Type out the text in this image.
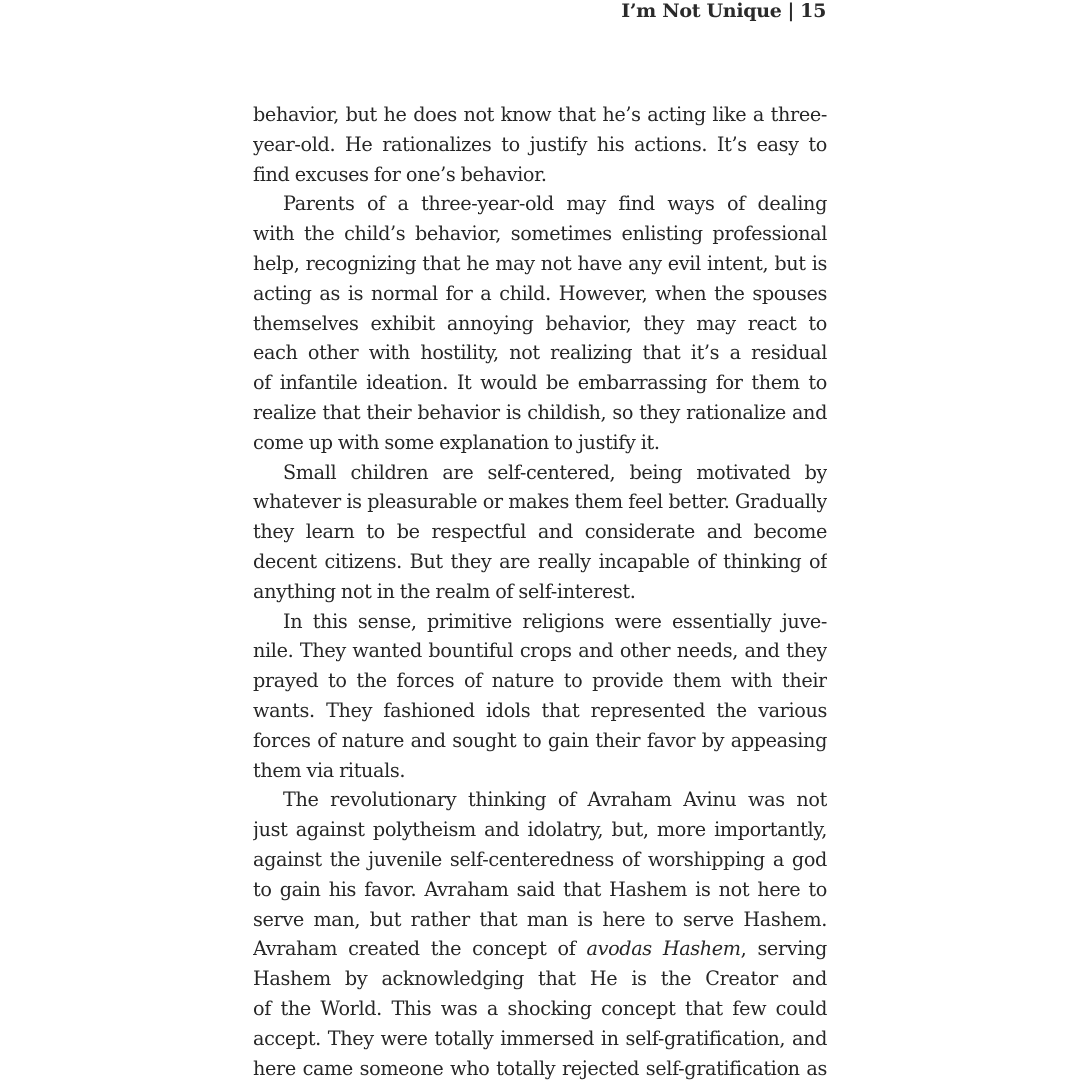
I’m Not Unique | 15
behavior, but he does not know that he’s acting like a three-
year-old. He rationalizes to justify his actions. It’s easy to
find excuses for one’s behavior.
Parents of a three-year-old may find ways of dealing
with the child’s behavior, sometimes enlisting professional
help, recognizing that he may not have any evil intent, but is
acting as is normal for a child. However, when the spouses
themselves exhibit annoying behavior, they may react to
each other with hostility, not realizing that it’s a residual
of infantile ideation. It would be embarrassing for them to
realize that their behavior is childish, so they rationalize and
come up with some explanation to justify it.
Small children are self-centered, being motivated by
whatever is pleasurable or makes them feel better. Gradually
they learn to be respectful and considerate and become
decent citizens. But they are really incapable of thinking of
anything not in the realm of self-interest.
In this sense, primitive religions were essentially juve-
nile. They wanted bountiful crops and other needs, and they
prayed to the forces of nature to provide them with their
wants. They fashioned idols that represented the various
forces of nature and sought to gain their favor by appeasing
them via rituals.
The revolutionary thinking of Avraham Avinu was not
just against polytheism and idolatry, but, more importantly,
against the juvenile self-centeredness of worshipping a god
to gain his favor. Avraham said that Hashem is not here to
serve man, but rather that man is here to serve Hashem.
Avraham created the concept of avodas Hashem, serving
Hashem by acknowledging that He is the Creator and
of the World. This was a shocking concept that few could
accept. They were totally immersed in self-gratification, and
here came someone who totally rejected self-gratification as
